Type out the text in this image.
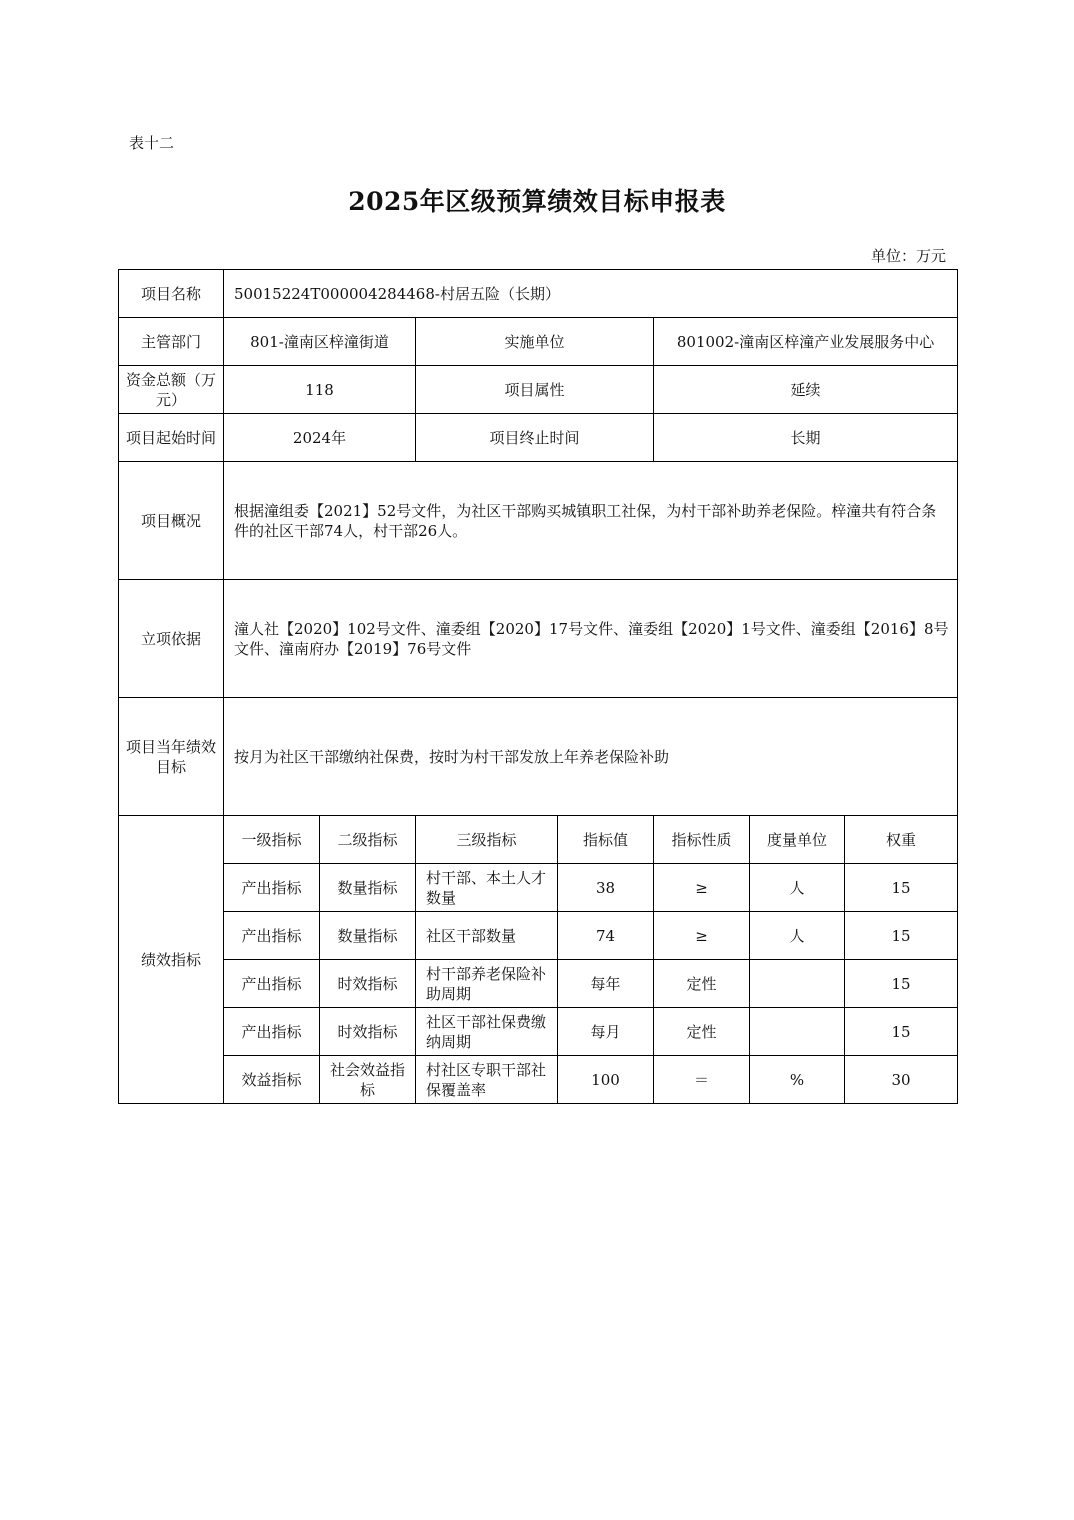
表十二
2025年区级预算绩效目标申报表
单位：万元
项目名称	50015224T000004284468-村居五险（长期）						
主管部门	801-潼南区梓潼街道		实施单位		801002-潼南区梓潼产业发展服务中心		
资金总额（万元）	118		项目属性		延续		
项目起始时间	2024年		项目终止时间		长期		
项目概况	根据潼组委【2021】52号文件，为社区干部购买城镇职工社保，为村干部补助养老保险。梓潼共有符合条件的社区干部74人，村干部26人。						
立项依据	潼人社【2020】102号文件、潼委组【2020】17号文件、潼委组【2020】1号文件、潼委组【2016】8号文件、潼南府办【2019】76号文件						
项目当年绩效目标	按月为社区干部缴纳社保费，按时为村干部发放上年养老保险补助						
绩效指标	一级指标	二级指标	三级指标	指标值	指标性质	度量单位	权重
	产出指标	数量指标	村干部、本土人才数量	38	≥	人	15
	产出指标	数量指标	社区干部数量	74	≥	人	15
	产出指标	时效指标	村干部养老保险补助周期	每年	定性		15
	产出指标	时效指标	社区干部社保费缴纳周期	每月	定性		15
	效益指标	社会效益指标	村社区专职干部社保覆盖率	100	＝	%	30
